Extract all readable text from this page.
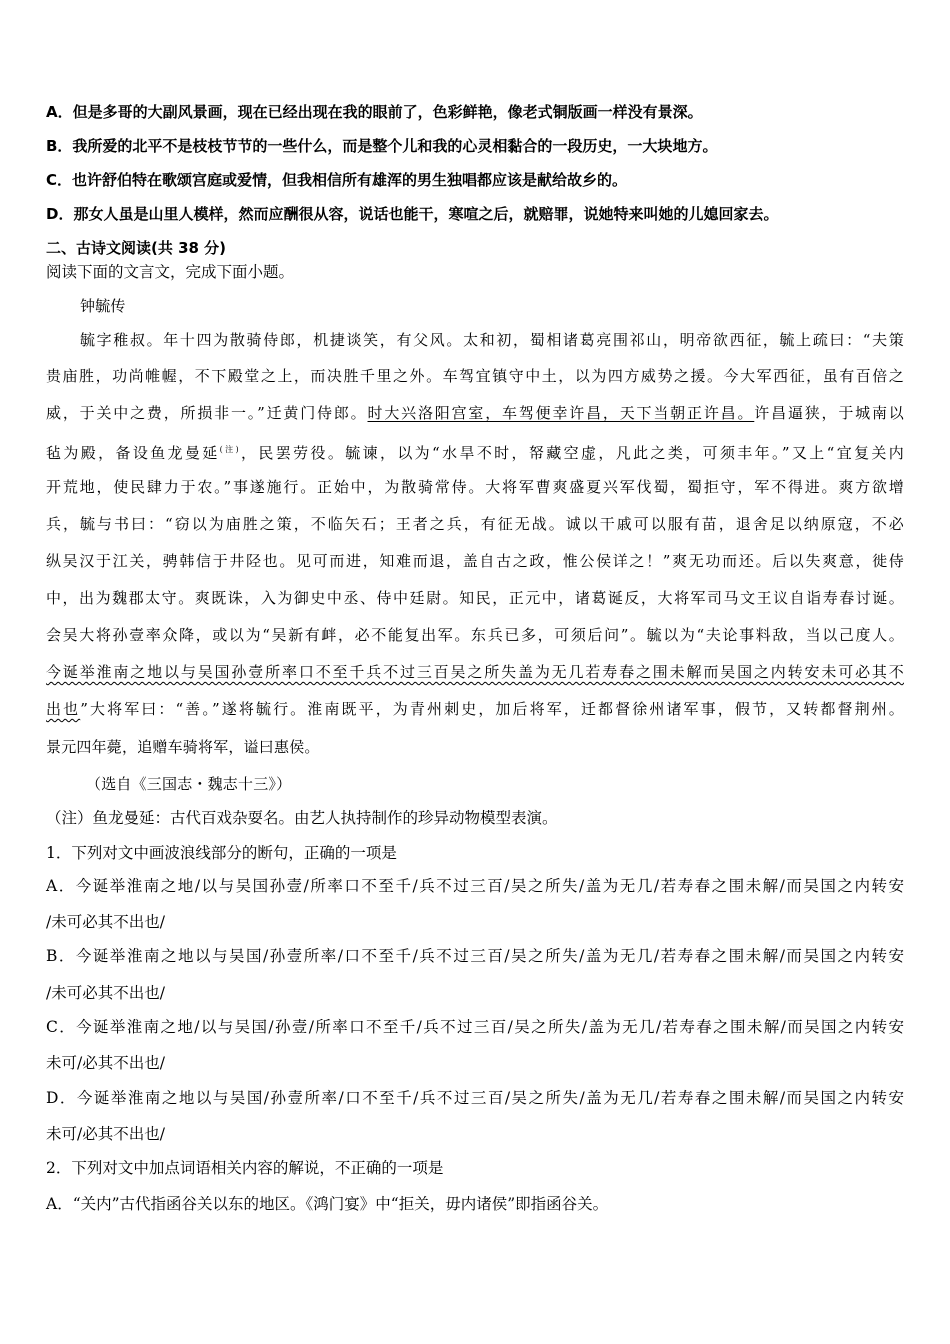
A．但是多哥的大副风景画，现在已经出现在我的眼前了，色彩鲜艳，像老式铜版画一样没有景深。
B．我所爱的北平不是枝枝节节的一些什么，而是整个儿和我的心灵相黏合的一段历史，一大块地方。
C．也许舒伯特在歌颂宫庭或爱情，但我相信所有雄浑的男生独唱都应该是献给故乡的。
D．那女人虽是山里人模样，然而应酬很从容，说话也能干，寒喧之后，就赔罪，说她特来叫她的儿媳回家去。
二、古诗文阅读(共 38 分)
阅读下面的文言文，完成下面小题。
钟毓传
毓字稚叔。年十四为散骑侍郎，机捷谈笑，有父风。太和初，蜀相诸葛亮围祁山，明帝欲西征，毓上疏曰：“夫策
贵庙胜，功尚帷幄，不下殿堂之上，而决胜千里之外。车驾宜镇守中土，以为四方威势之援。今大军西征，虽有百倍之
威，于关中之费，所损非一。”迁黄门侍郎。时大兴洛阳宫室，车驾便幸许昌，天下当朝正许昌。许昌逼狭，于城南以
毡为殿，备设鱼龙曼延$^{(注)}$，民罢劳役。毓谏，以为“水旱不时，帑藏空虚，凡此之类，可须丰年。”又上“宜复关内
开荒地，使民肆力于农。”事遂施行。正始中，为散骑常侍。大将军曹爽盛夏兴军伐蜀，蜀拒守，军不得进。爽方欲增
兵，毓与书曰：“窃以为庙胜之策，不临矢石；王者之兵，有征无战。诚以干戚可以服有苗，退舍足以纳原寇，不必
纵吴汉于江关，骋韩信于井陉也。见可而进，知难而退，盖自古之政，惟公侯详之！”爽无功而还。后以失爽意，徙侍
中，出为魏郡太守。爽既诛，入为御史中丞、侍中廷尉。知民，正元中，诸葛诞反，大将军司马文王议自诣寿春讨诞。
会吴大将孙壹率众降，或以为“吴新有衅，必不能复出军。东兵已多，可须后问”。毓以为“夫论事料敌，当以己度人。
今诞举淮南之地以与吴国孙壹所率口不至千兵不过三百吴之所失盖为无几若寿春之围未解而吴国之内转安未可必其不
出也”大将军曰：“善。”遂将毓行。淮南既平，为青州刺史，加后将军，迁都督徐州诸军事，假节，又转都督荆州。
景元四年薨，追赠车骑将军，谥曰惠侯。
（选自《三国志・魏志十三》）
（注）鱼龙曼延：古代百戏杂耍名。由艺人执持制作的珍异动物模型表演。
1．下列对文中画波浪线部分的断句，正确的一项是
A．今诞举淮南之地/以与吴国孙壹/所率口不至千/兵不过三百/吴之所失/盖为无几/若寿春之围未解/而吴国之内转安
/未可必其不出也/
B．今诞举淮南之地以与吴国/孙壹所率/口不至千/兵不过三百/吴之所失/盖为无几/若寿春之围未解/而吴国之内转安
/未可必其不出也/
C．今诞举淮南之地/以与吴国/孙壹/所率口不至千/兵不过三百/吴之所失/盖为无几/若寿春之围未解/而吴国之内转安
未可/必其不出也/
D．今诞举淮南之地以与吴国/孙壹所率/口不至千/兵不过三百/吴之所失/盖为无几/若寿春之围未解/而吴国之内转安
未可/必其不出也/
2．下列对文中加点词语相关内容的解说，不正确的一项是
A．“关内”古代指函谷关以东的地区。《鸿门宴》中“拒关，毋内诸侯”即指函谷关。
